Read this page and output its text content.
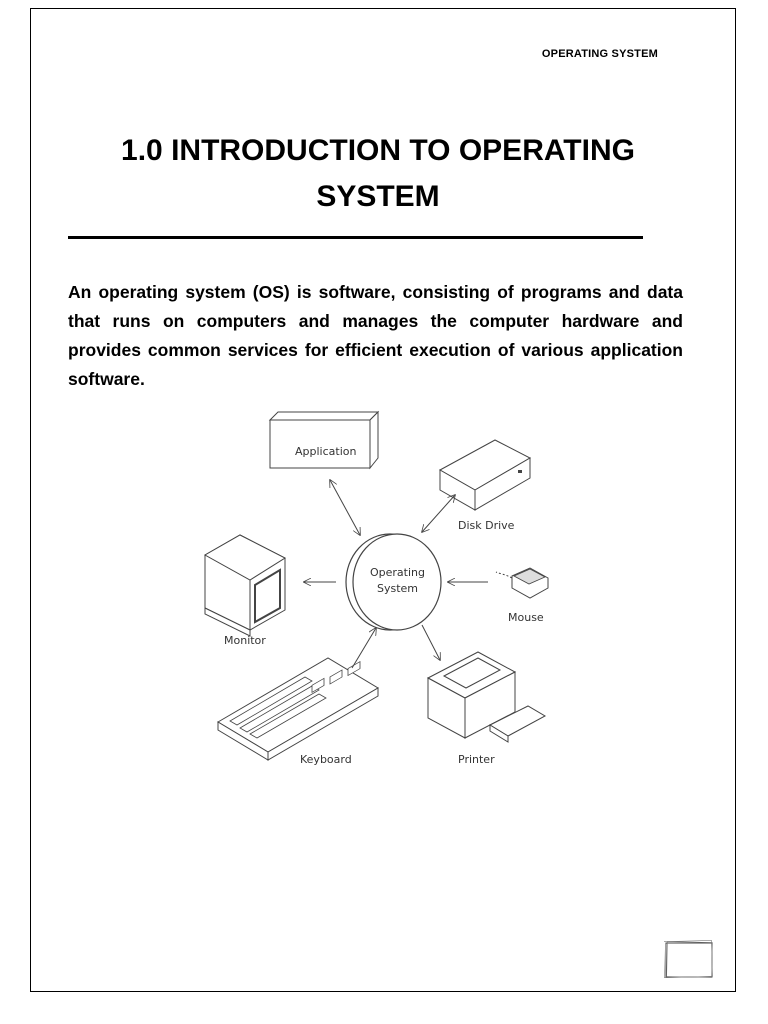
OPERATING SYSTEM
1.0 INTRODUCTION TO OPERATING SYSTEM

An operating system (OS) is software, consisting of programs and data that runs on computers and manages the computer hardware and provides common services for efficient execution of various application software.

Application
Disk Drive
Operating
System
Monitor
Mouse
Keyboard	Printer
